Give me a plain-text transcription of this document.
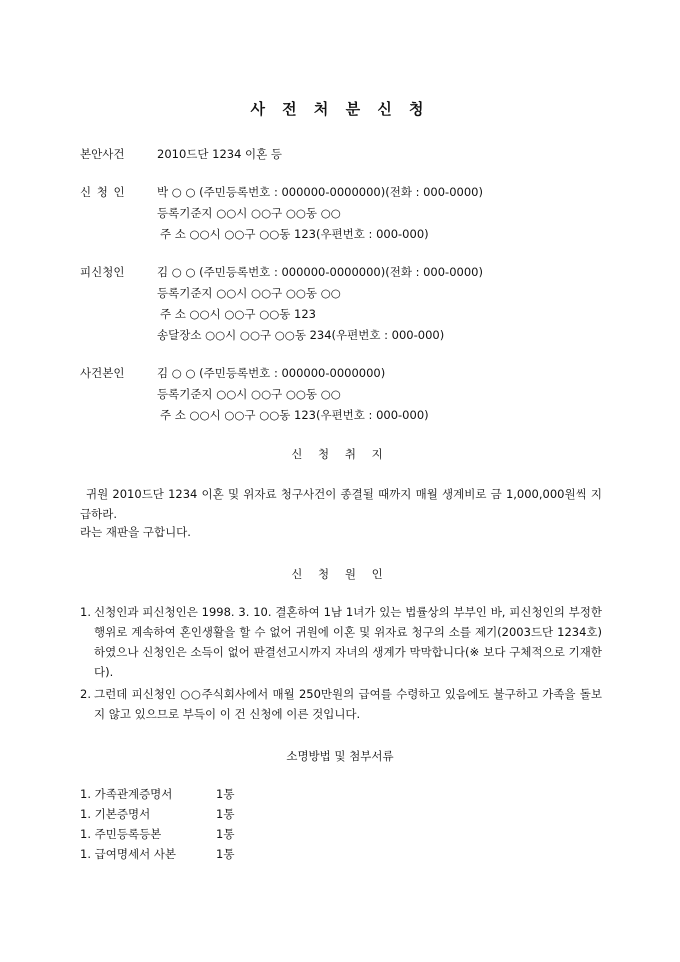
사 전 처 분 신 청
본안사건	2010드단 1234 이혼 등
신 청 인	박 ○ ○ (주민등록번호 : 000000-0000000)(전화 : 000-0000)
등록기준지 ○○시 ○○구 ○○동 ○○
주 소 ○○시 ○○구 ○○동 123(우편번호 : 000-000)
피신청인	김 ○ ○ (주민등록번호 : 000000-0000000)(전화 : 000-0000)
등록기준지 ○○시 ○○구 ○○동 ○○
주 소 ○○시 ○○구 ○○동 123
송달장소 ○○시 ○○구 ○○동 234(우편번호 : 000-000)
사건본인	김 ○ ○ (주민등록번호 : 000000-0000000)
등록기준지 ○○시 ○○구 ○○동 ○○
주 소 ○○시 ○○구 ○○동 123(우편번호 : 000-000)
신 청 취 지
귀원 2010드단 1234 이혼 및 위자료 청구사건이 종결될 때까지 매월 생계비로 금 1,000,000원씩 지급하라.
라는 재판을 구합니다.
신 청 원 인
1. 신청인과 피신청인은 1998. 3. 10. 결혼하여 1남 1녀가 있는 법률상의 부부인 바, 피신청인의 부정한 행위로 계속하여 혼인생활을 할 수 없어 귀원에 이혼 및 위자료 청구의 소를 제기(2003드단 1234호)하였으나 신청인은 소득이 없어 판결선고시까지 자녀의 생계가 막막합니다(※ 보다 구체적으로 기재한다).
2. 그런데 피신청인 ○○주식회사에서 매월 250만원의 급여를 수령하고 있음에도 불구하고 가족을 돌보지 않고 있으므로 부득이 이 건 신청에 이른 것입니다.
소명방법 및 첨부서류
1. 가족관계증명서	1통
1. 기본증명서	1통
1. 주민등록등본	1통
1. 급여명세서 사본	1통
